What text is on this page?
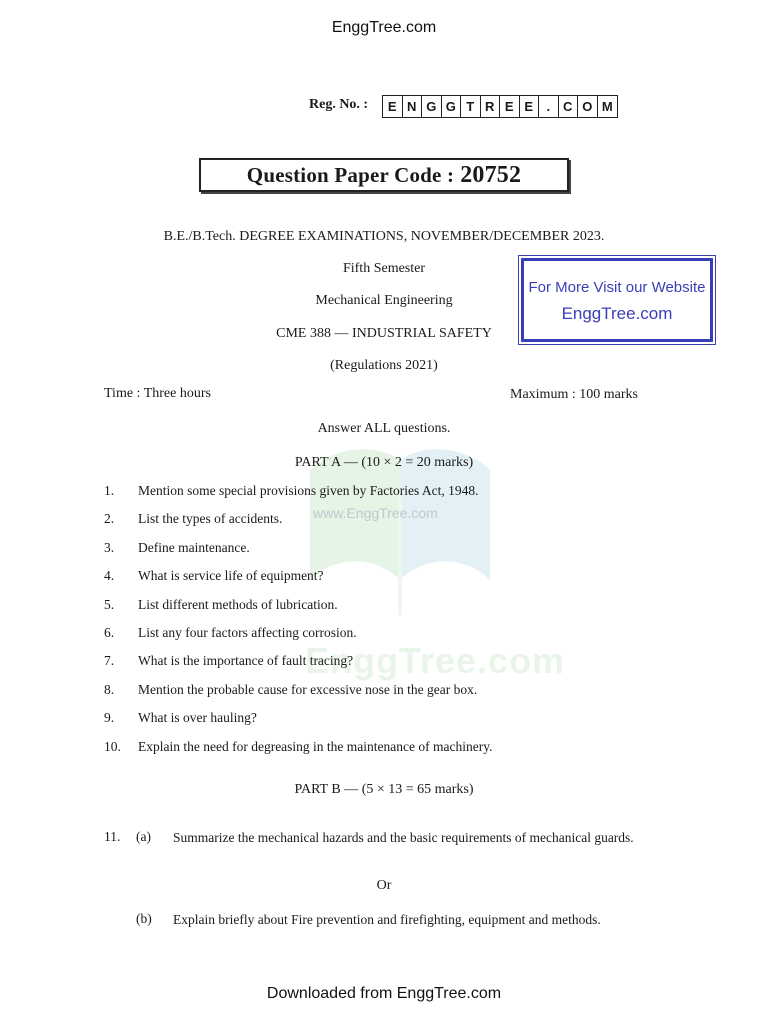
EnggTree.com
Reg. No. :	E N G G T R E E	. C O M
Question Paper Code : 20752
B.E./B.Tech. DEGREE EXAMINATIONS, NOVEMBER/DECEMBER 2023.
Fifth Semester
Mechanical Engineering
CME 388 — INDUSTRIAL SAFETY
(Regulations 2021)
For More Visit our Website
EnggTree.com
Time : Three hours	Maximum : 100 marks
Answer ALL questions.
www.EnggTree.com
EnggTree.com
PART A — (10 × 2 = 20 marks)
1. Mention some special provisions given by Factories Act, 1948.
2. List the types of accidents.
3. Define maintenance.
4. What is service life of equipment?
5. List different methods of lubrication.
6. List any four factors affecting corrosion.
7. What is the importance of fault tracing?
8. Mention the probable cause for excessive nose in the gear box.
9. What is over hauling?
10. Explain the need for degreasing in the maintenance of machinery.
PART B — (5 × 13 = 65 marks)
11.	(a) Summarize the mechanical hazards and the basic requirements of mechanical guards.
Or
(b) Explain briefly about Fire prevention and firefighting, equipment and methods.
Downloaded from EnggTree.com
